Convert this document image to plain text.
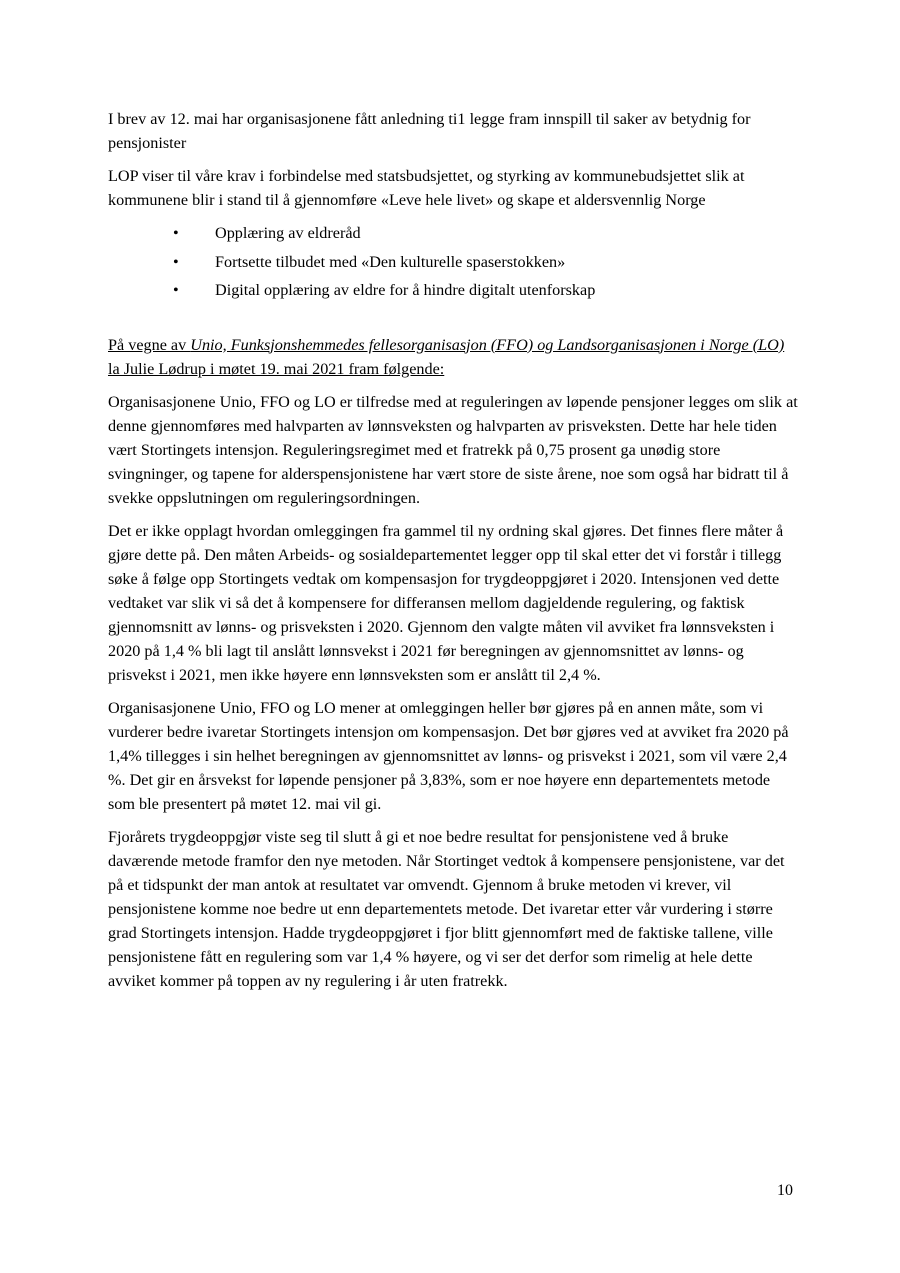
I brev av 12. mai har organisasjonene fått anledning ti1 legge fram innspill til saker av betydnig for pensjonister

LOP viser til våre krav i forbindelse med statsbudsjettet, og styrking av kommunebudsjettet slik at kommunene blir i stand til å gjennomføre «Leve hele livet» og skape et aldersvennlig Norge

• Opplæring av eldreråd
• Fortsette tilbudet med «Den kulturelle spaserstokken»
• Digital opplæring av eldre for å hindre digitalt utenforskap

På vegne av Unio, Funksjonshemmedes fellesorganisasjon (FFO) og Landsorganisasjonen i Norge (LO) la Julie Lødrup i møtet 19. mai 2021 fram følgende:

Organisasjonene Unio, FFO og LO er tilfredse med at reguleringen av løpende pensjoner legges om slik at denne gjennomføres med halvparten av lønnsveksten og halvparten av prisveksten. Dette har hele tiden vært Stortingets intensjon. Reguleringsregimet med et fratrekk på 0,75 prosent ga unødig store svingninger, og tapene for alderspensjonistene har vært store de siste årene, noe som også har bidratt til å svekke oppslutningen om reguleringsordningen.

Det er ikke opplagt hvordan omleggingen fra gammel til ny ordning skal gjøres. Det finnes flere måter å gjøre dette på. Den måten Arbeids- og sosialdepartementet legger opp til skal etter det vi forstår i tillegg søke å følge opp Stortingets vedtak om kompensasjon for trygdeoppgjøret i 2020. Intensjonen ved dette vedtaket var slik vi så det å kompensere for differansen mellom dagjeldende regulering, og faktisk gjennomsnitt av lønns- og prisveksten i 2020. Gjennom den valgte måten vil avviket fra lønnsveksten i 2020 på 1,4 % bli lagt til anslått lønnsvekst i 2021 før beregningen av gjennomsnittet av lønns- og prisvekst i 2021, men ikke høyere enn lønnsveksten som er anslått til 2,4 %.

Organisasjonene Unio, FFO og LO mener at omleggingen heller bør gjøres på en annen måte, som vi vurderer bedre ivaretar Stortingets intensjon om kompensasjon. Det bør gjøres ved at avviket fra 2020 på 1,4% tillegges i sin helhet beregningen av gjennomsnittet av lønns- og prisvekst i 2021, som vil være 2,4 %. Det gir en årsvekst for løpende pensjoner på 3,83%, som er noe høyere enn departementets metode som ble presentert på møtet 12. mai vil gi.

Fjorårets trygdeoppgjør viste seg til slutt å gi et noe bedre resultat for pensjonistene ved å bruke daværende metode framfor den nye metoden. Når Stortinget vedtok å kompensere pensjonistene, var det på et tidspunkt der man antok at resultatet var omvendt. Gjennom å bruke metoden vi krever, vil pensjonistene komme noe bedre ut enn departementets metode. Det ivaretar etter vår vurdering i større grad Stortingets intensjon. Hadde trygdeoppgjøret i fjor blitt gjennomført med de faktiske tallene, ville pensjonistene fått en regulering som var 1,4 % høyere, og vi ser det derfor som rimelig at hele dette avviket kommer på toppen av ny regulering i år uten fratrekk.

10
